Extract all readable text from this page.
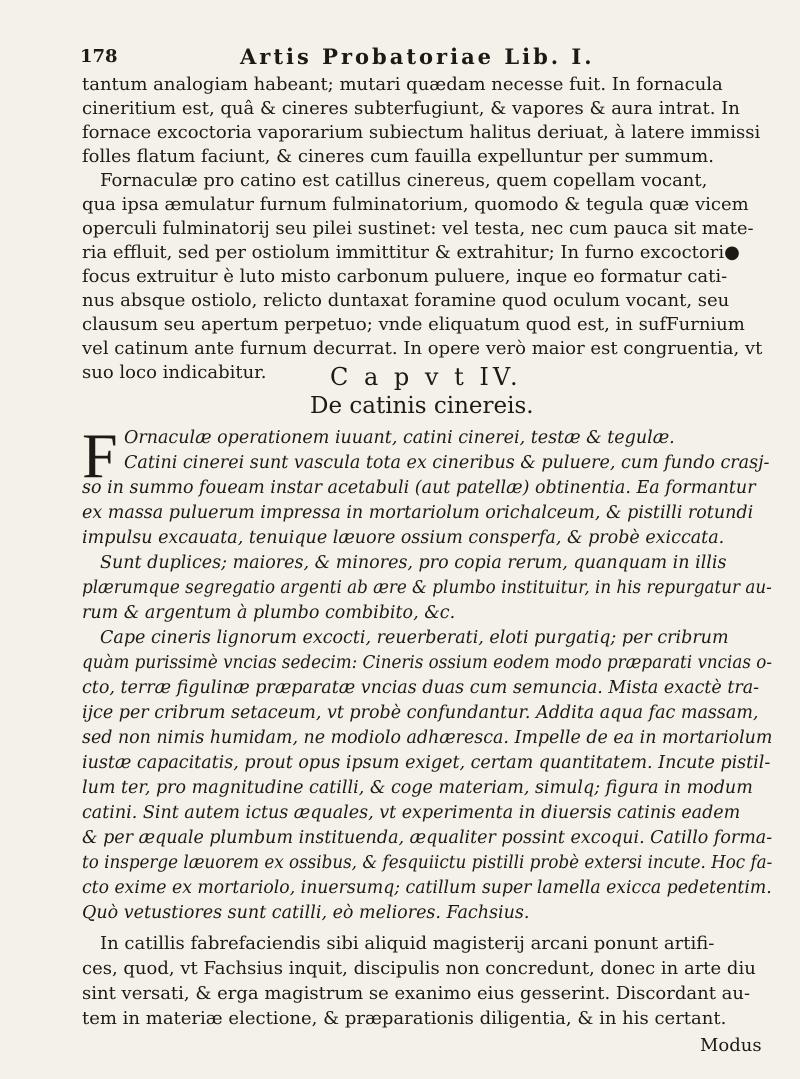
178	Artis Probatoriae Lib. I.
tantum analogiam habeant; mutari quædam necesse fuit. In fornacula
cineritium est, quâ & cineres subterfugiunt, & vapores & aura intrat. In
fornace excoctoria vaporarium subiectum halitus deriuat, à latere immissi
folles flatum faciunt, & cineres cum fauilla expelluntur per summum.
Fornaculæ pro catino est catillus cinereus, quem copellam vocant,
qua ipsa æmulatur furnum fulminatorium, quomodo & tegula quæ vicem
operculi fulminatorij seu pilei sustinet: vel testa, nec cum pauca sit mate-
ria effluit, sed per ostiolum immittitur & extrahitur; In furno excoctori●
focus extruitur è luto misto carbonum puluere, inque eo formatur cati-
nus absque ostiolo, relicto duntaxat foramine quod oculum vocant, seu
clausum seu apertum perpetuo; vnde eliquatum quod est, in sufFurnium
vel catinum ante furnum decurrat. In opere verò maior est congruentia, vt
suo loco indicabitur.	C a p v t IV.
De catinis cinereis.
F Ornaculæ operationem iuuant, catini cinerei, testæ & tegulæ.
Catini cinerei sunt vascula tota ex cineribus & puluere, cum fundo crasj-
so in summo foueam instar acetabuli (aut patellæ) obtinentia. Ea formantur
ex massa puluerum impressa in mortariolum orichalceum, & pistilli rotundi
impulsu excauata, tenuique læuore ossium consperfa, & probè exiccata.
Sunt duplices; maiores, & minores, pro copia rerum, quanquam in illis
plærumque segregatio argenti ab ære & plumbo instituitur, in his repurgatur au-
rum & argentum à plumbo combibito, &c.
Cape cineris lignorum excocti, reuerberati, eloti purgatiq; per cribrum
quàm purissimè vncias sedecim: Cineris ossium eodem modo præparati vncias o-
cto, terræ figulinæ præparatæ vncias duas cum semuncia. Mista exactè tra-
ijce per cribrum setaceum, vt probè confundantur. Addita aqua fac massam,
sed non nimis humidam, ne modiolo adhæresca. Impelle de ea in mortariolum
iustæ capacitatis, prout opus ipsum exiget, certam quantitatem. Incute pistil-
lum ter, pro magnitudine catilli, & coge materiam, simulq; figura in modum
catini. Sint autem ictus æquales, vt experimenta in diuersis catinis eadem
& per æquale plumbum instituenda, æqualiter possint excoqui. Catillo forma-
to insperge læuorem ex ossibus, & fesquiictu pistilli probè extersi incute. Hoc fa-
cto exime ex mortariolo, inuersumq; catillum super lamella exicca pedetentim.
Quò vetustiores sunt catilli, eò meliores. Fachsius.
In catillis fabrefaciendis sibi aliquid magisterij arcani ponunt artifi-
ces, quod, vt Fachsius inquit, discipulis non concredunt, donec in arte diu
sint versati, & erga magistrum se exanimo eius gesserint. Discordant au-
tem in materiæ electione, & præparationis diligentia, & in his certant.
Modus
